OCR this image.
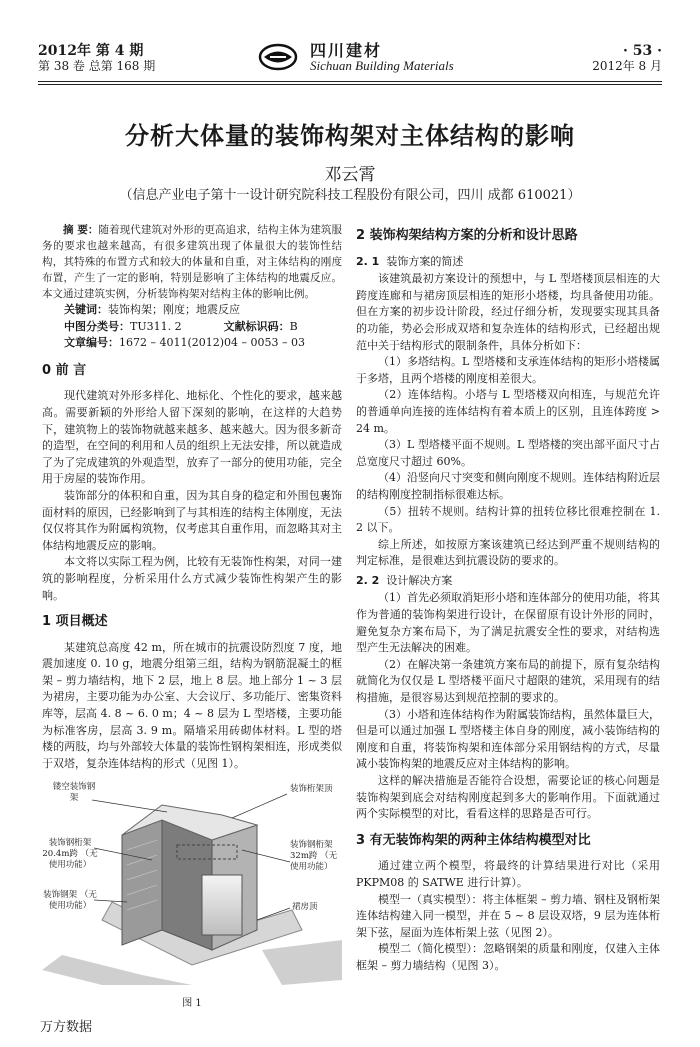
2012年 第 4 期
第 38 卷 总第 168 期
四川建材
Sichuan Building Materials
· 53 ·
2012年 8 月
分析大体量的装饰构架对主体结构的影响
邓云霄
（信息产业电子第十一设计研究院科技工程股份有限公司，四川 成都 610021）

摘 要：随着现代建筑对外形的更高追求，结构主体为建筑服务的要求也越来越高，有很多建筑出现了体量很大的装饰性结构，其特殊的布置方式和较大的体量和自重，对主体结构的刚度布置，产生了一定的影响，特别是影响了主体结构的地震反应。本文通过建筑实例，分析装饰构架对结构主体的影响比例。

关键词：装饰构架；刚度；地震反应

中图分类号：TU311. 2	文献标识码：B

文章编号：1672 – 4011(2012)04 – 0053 – 03

0 前 言

现代建筑对外形多样化、地标化、个性化的要求，越来越高。需要新颖的外形给人留下深刻的影响，在这样的大趋势下，建筑物上的装饰物就越来越多、越来越大。因为很多新奇的造型，在空间的利用和人员的组织上无法安排，所以就造成了为了完成建筑的外观造型，放弃了一部分的使用功能，完全用于房屋的装饰作用。

装饰部分的体积和自重，因为其自身的稳定和外围包裹饰面材料的原因，已经影响到了与其相连的结构主体刚度，无法仅仅将其作为附属构筑物，仅考虑其自重作用，而忽略其对主体结构地震反应的影响。

本文将以实际工程为例，比较有无装饰性构架，对同一建筑的影响程度，分析采用什么方式减少装饰性构架产生的影响。

1 项目概述

某建筑总高度 42 m，所在城市的抗震设防烈度 7 度，地震加速度 0. 10 g，地震分组第三组，结构为钢筋混凝土的框架 – 剪力墙结构，地下 2 层，地上 8 层。地上部分 1 ~ 3 层为裙房，主要功能为办公室、大会议厅、多功能厅、密集资料库等，层高 4. 8 ~ 6. 0 m；4 ~ 8 层为 L 型塔楼，主要功能为标准客房，层高 3. 9 m。隔墙采用砖砌体材料。L 型的塔楼的两肢，均与外部较大体量的装饰性钢构架相连，形成类似于双塔，复杂连体结构的形式（见图 1）。

镂空装饰钢架
装饰钢桁架 20.4m跨 （无使用功能）
装饰钢架 （无使用功能）
装饰桁架顶
装饰钢桁架32m跨 （无使用功能）
裙房顶
图 1

2 装饰构架结构方案的分析和设计思路

2. 1 装饰方案的简述

该建筑最初方案设计的预想中，与 L 型塔楼顶层相连的大跨度连廊和与裙房顶层相连的矩形小塔楼，均具备使用功能。但在方案的初步设计阶段，经过仔细分析，发现要实现其具备的功能，势必会形成双塔和复杂连体的结构形式，已经超出规范中关于结构形式的限制条件，具体分析如下：

（1）多塔结构。L 型塔楼和支承连体结构的矩形小塔楼属于多塔，且两个塔楼的刚度相差很大。

（2）连体结构。小塔与 L 型塔楼双向相连，与规范允许的普通单向连接的连体结构有着本质上的区别，且连体跨度 > 24 m。

（3）L 型塔楼平面不规则。L 型塔楼的突出部平面尺寸占总宽度尺寸超过 60%。

（4）沿竖向尺寸突变和侧向刚度不规则。连体结构附近层的结构刚度控制指标很难达标。

（5）扭转不规则。结构计算的扭转位移比很难控制在 1. 2 以下。

综上所述，如按原方案该建筑已经达到严重不规则结构的判定标准，是很难达到抗震设防的要求的。

2. 2 设计解决方案

（1）首先必须取消矩形小塔和连体部分的使用功能，将其作为普通的装饰构架进行设计，在保留原有设计外形的同时，避免复杂方案布局下，为了满足抗震安全性的要求，对结构选型产生无法解决的困难。

（2）在解决第一条建筑方案布局的前提下，原有复杂结构就简化为仅仅是 L 型塔楼平面尺寸超限的建筑，采用现有的结构措施，是很容易达到规范控制的要求的。

（3）小塔和连体结构作为附属装饰结构，虽然体量巨大，但是可以通过加强 L 型塔楼主体自身的刚度，减小装饰结构的刚度和自重，将装饰构架和连体部分采用钢结构的方式，尽量减小装饰构架的地震反应对主体结构的影响。

这样的解决措施是否能符合设想，需要论证的核心问题是装饰构架到底会对结构刚度起到多大的影响作用。下面就通过两个实际模型的对比，看看这样的思路是否可行。

3 有无装饰构架的两种主体结构模型对比

通过建立两个模型，将最终的计算结果进行对比（采用 PKPM08 的 SATWE 进行计算）。

模型一（真实模型）：将主体框架 – 剪力墙、钢柱及钢桁架连体结构建入同一模型，并在 5 ~ 8 层设双塔，9 层为连体桁架下弦，屋面为连体桁架上弦（见图 2）。

模型二（简化模型）：忽略钢架的质量和刚度，仅建入主体框架 – 剪力墙结构（见图 3）。

万方数据
